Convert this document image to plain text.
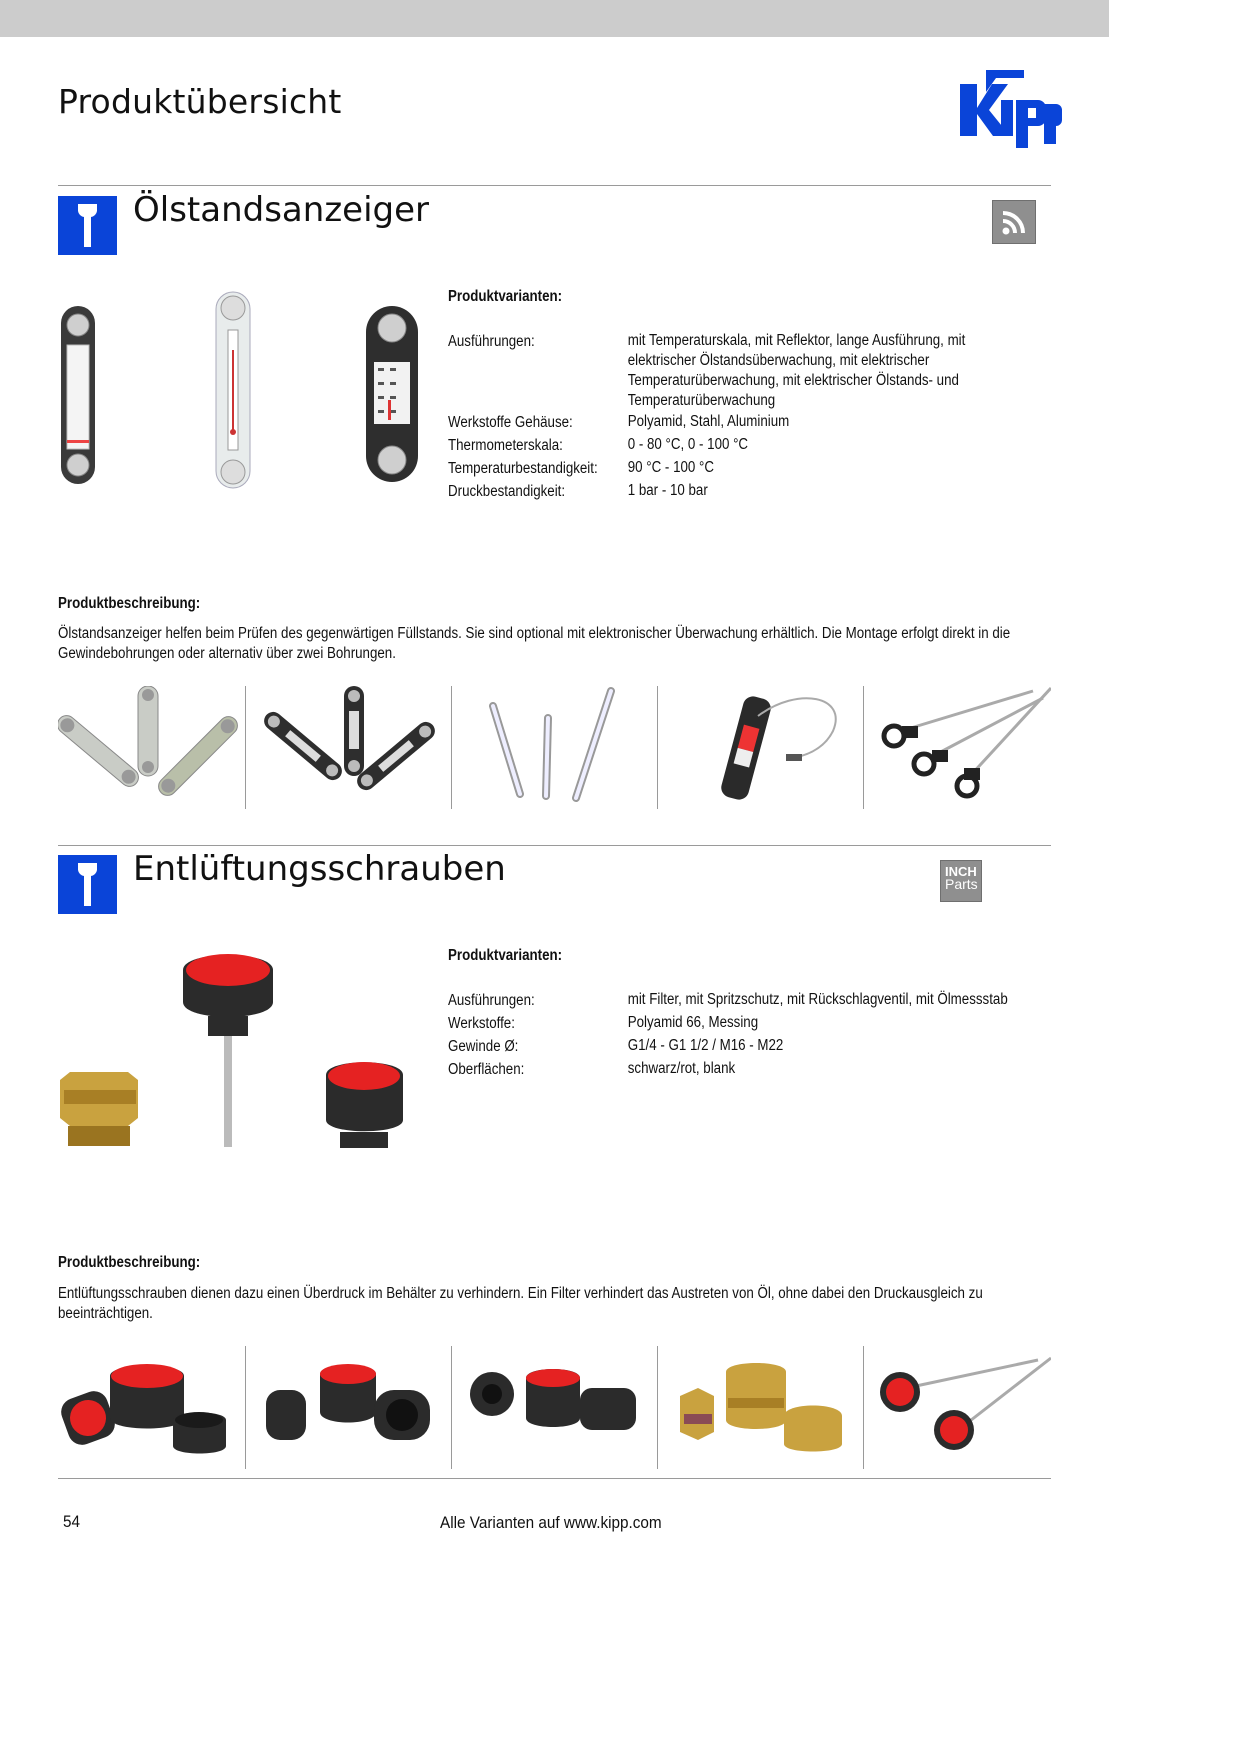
Produktübersicht
Ölstandsanzeiger
Produktvarianten:
Ausführungen:	mit Temperaturskala, mit Reflektor, lange Ausführung, mit elektrischer Ölstandsüberwachung, mit elektrischer Temperaturüberwachung, mit elektrischer Ölstands- und Temperaturüberwachung
Werkstoffe Gehäuse:	Polyamid, Stahl, Aluminium
Thermometerskala:	0 - 80 °C, 0 - 100 °C
Temperaturbestandigkeit:	90 °C - 100 °C
Druckbestandigkeit:	1 bar - 10 bar
Produktbeschreibung:
Ölstandsanzeiger helfen beim Prüfen des gegenwärtigen Füllstands. Sie sind optional mit elektronischer Überwachung erhältlich. Die Montage erfolgt direkt in die Gewindebohrungen oder alternativ über zwei Bohrungen.
Entlüftungsschrauben	INCH
Parts
Produktvarianten:
Ausführungen:	mit Filter, mit Spritzschutz, mit Rückschlagventil, mit Ölmessstab
Werkstoffe:	Polyamid 66, Messing
Gewinde Ø:	G1/4 - G1 1/2 / M16 - M22
Oberflächen:	schwarz/rot, blank
Produktbeschreibung:
Entlüftungsschrauben dienen dazu einen Überdruck im Behälter zu verhindern. Ein Filter verhindert das Austreten von Öl, ohne dabei den Druckausgleich zu beeinträchtigen.
54	Alle Varianten auf www.kipp.com
